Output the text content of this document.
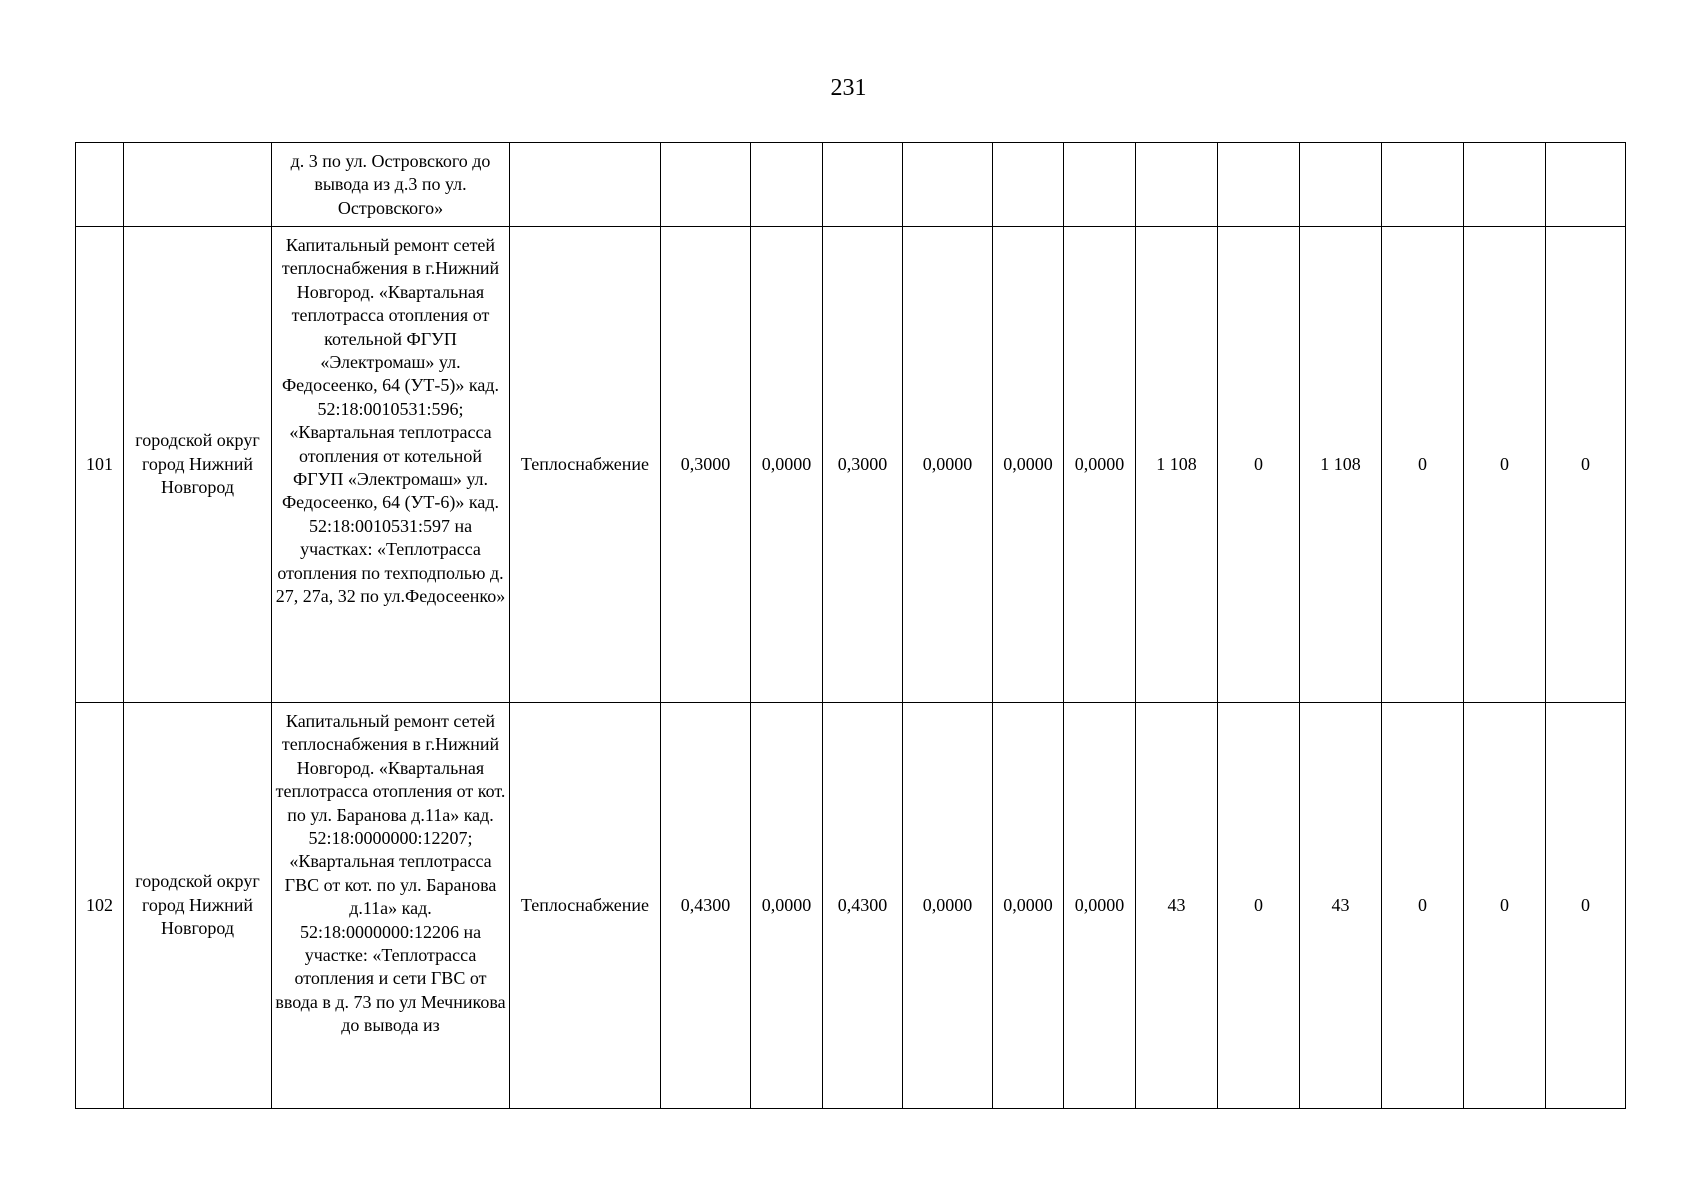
231
		д. 3 по ул. Островского до вывода из д.3 по ул. Островского»													
101	городской округ город Нижний Новгород	Капитальный ремонт сетей теплоснабжения в г.Нижний Новгород. «Квартальная теплотрасса отопления от котельной ФГУП «Электромаш» ул. Федосеенко, 64 (УТ-5)» кад. 52:18:0010531:596; «Квартальная теплотрасса отопления от котельной ФГУП «Электромаш» ул. Федосеенко, 64 (УТ-6)» кад. 52:18:0010531:597 на участках: «Теплотрасса отопления по техподполью д. 27, 27а, 32 по ул.Федосеенко»	Теплоснабжение	0,3000	0,0000	0,3000	0,0000	0,0000	0,0000	1 108	0	1 108	0	0	0
102	городской округ город Нижний Новгород	Капитальный ремонт сетей теплоснабжения в г.Нижний Новгород. «Квартальная теплотрасса отопления от кот. по ул. Баранова д.11а» кад. 52:18:0000000:12207; «Квартальная теплотрасса ГВС от кот. по ул. Баранова д.11а» кад. 52:18:0000000:12206 на участке: «Теплотрасса отопления и сети ГВС от ввода в д. 73 по ул Мечникова до вывода из	Теплоснабжение	0,4300	0,0000	0,4300	0,0000	0,0000	0,0000	43	0	43	0	0	0
